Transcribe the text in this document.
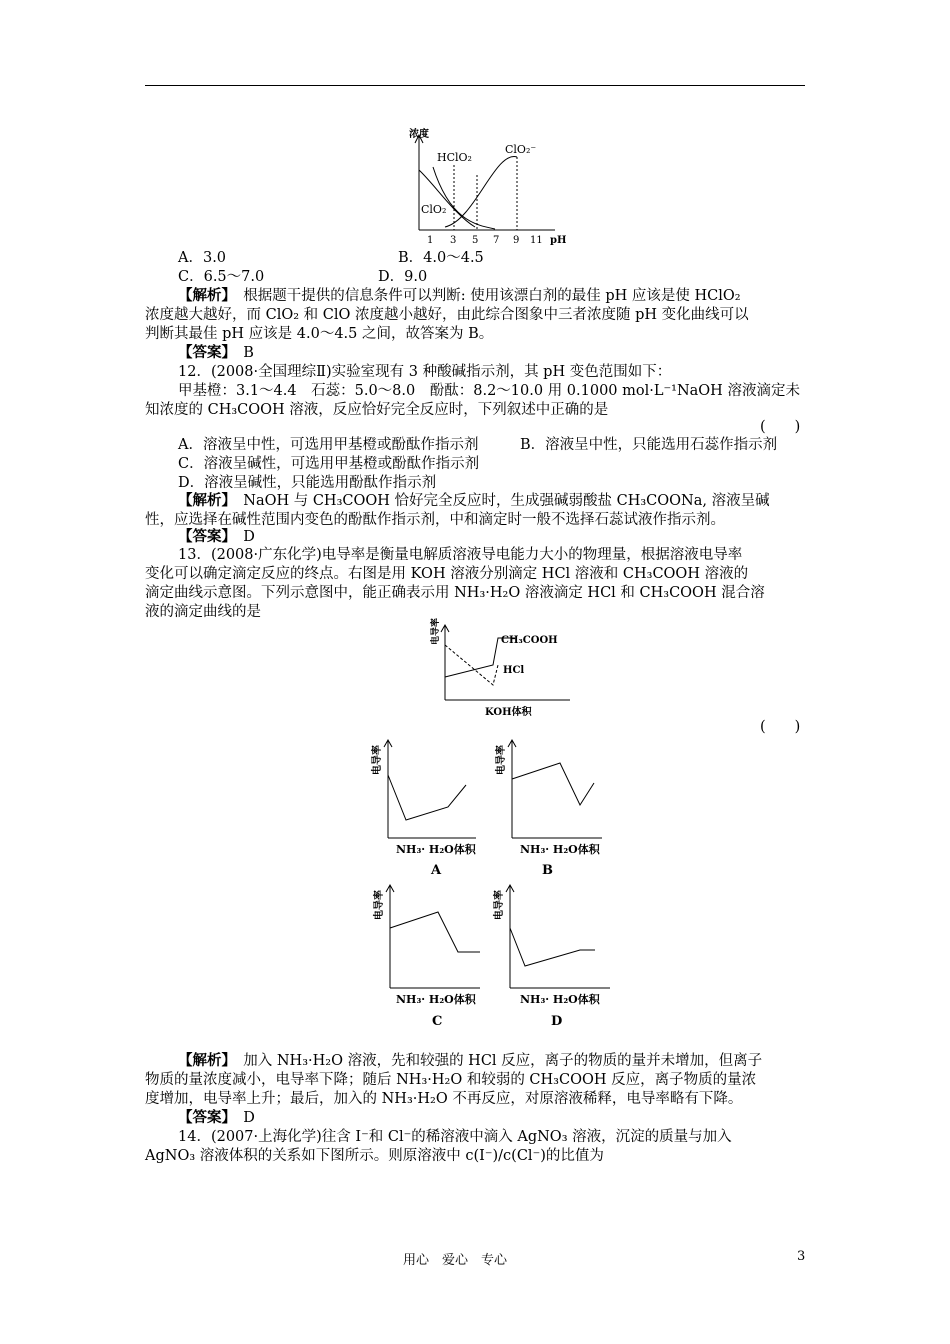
浓度
HClO₂
ClO₂⁻
ClO₂
1 3 5 7 9 11 pH
A．3.0	B．4.0～4.5
C．6.5～7.0	D．9.0
【解析】　 根据题干提供的信息条件可以判断: 使用该漂白剂的最佳 pH 应该是使 HClO₂
浓度越大越好，而 ClO₂ 和 ClO 浓度越小越好，由此综合图象中三者浓度随 pH 变化曲线可以
判断其最佳 pH 应该是 4.0～4.5 之间，故答案为 B。
【答案】　 B
12．(2008·全国理综Ⅱ)实验室现有 3 种酸碱指示剂，其 pH 变色范围如下：
甲基橙：3.1～4.4　石蕊：5.0～8.0　酚酞：8.2～10.0 用 0.1000 mol·L⁻¹NaOH 溶液滴定未
知浓度的 CH₃COOH 溶液，反应恰好完全反应时，下列叙述中正确的是
(　　)
A．溶液呈中性，可选用甲基橙或酚酞作指示剂	B．溶液呈中性，只能选用石蕊作指示剂
C．溶液呈碱性，可选用甲基橙或酚酞作指示剂
D．溶液呈碱性，只能选用酚酞作指示剂
【解析】　 NaOH 与 CH₃COOH 恰好完全反应时，生成强碱弱酸盐 CH₃COONa, 溶液呈碱
性，应选择在碱性范围内变色的酚酞作指示剂，中和滴定时一般不选择石蕊试液作指示剂。
【答案】　 D
13．(2008·广东化学)电导率是衡量电解质溶液导电能力大小的物理量，根据溶液电导率
变化可以确定滴定反应的终点。右图是用 KOH 溶液分别滴定 HCl 溶液和 CH₃COOH 溶液的
滴定曲线示意图。下列示意图中，能正确表示用 NH₃·H₂O 溶液滴定 HCl 和 CH₃COOH 混合溶
液的滴定曲线的是
电导率	CH₃COOH
HCl
KOH体积
(　　)
电导率
NH₃· H₂O体积
A
电导率
NH₃· H₂O体积
B
电导率
NH₃· H₂O体积
C
电导率
NH₃· H₂O体积
D
【解析】　 加入 NH₃·H₂O 溶液，先和较强的 HCl 反应，离子的物质的量并未增加，但离子
物质的量浓度减小，电导率下降；随后 NH₃·H₂O 和较弱的 CH₃COOH 反应，离子物质的量浓
度增加，电导率上升；最后，加入的 NH₃·H₂O 不再反应，对原溶液稀释，电导率略有下降。
【答案】　 D
14．(2007·上海化学)往含 I⁻和 Cl⁻的稀溶液中滴入 AgNO₃ 溶液，沉淀的质量与加入
AgNO₃ 溶液体积的关系如下图所示。则原溶液中 c(I⁻)/c(Cl⁻)的比值为
用心　爱心　专心	3
